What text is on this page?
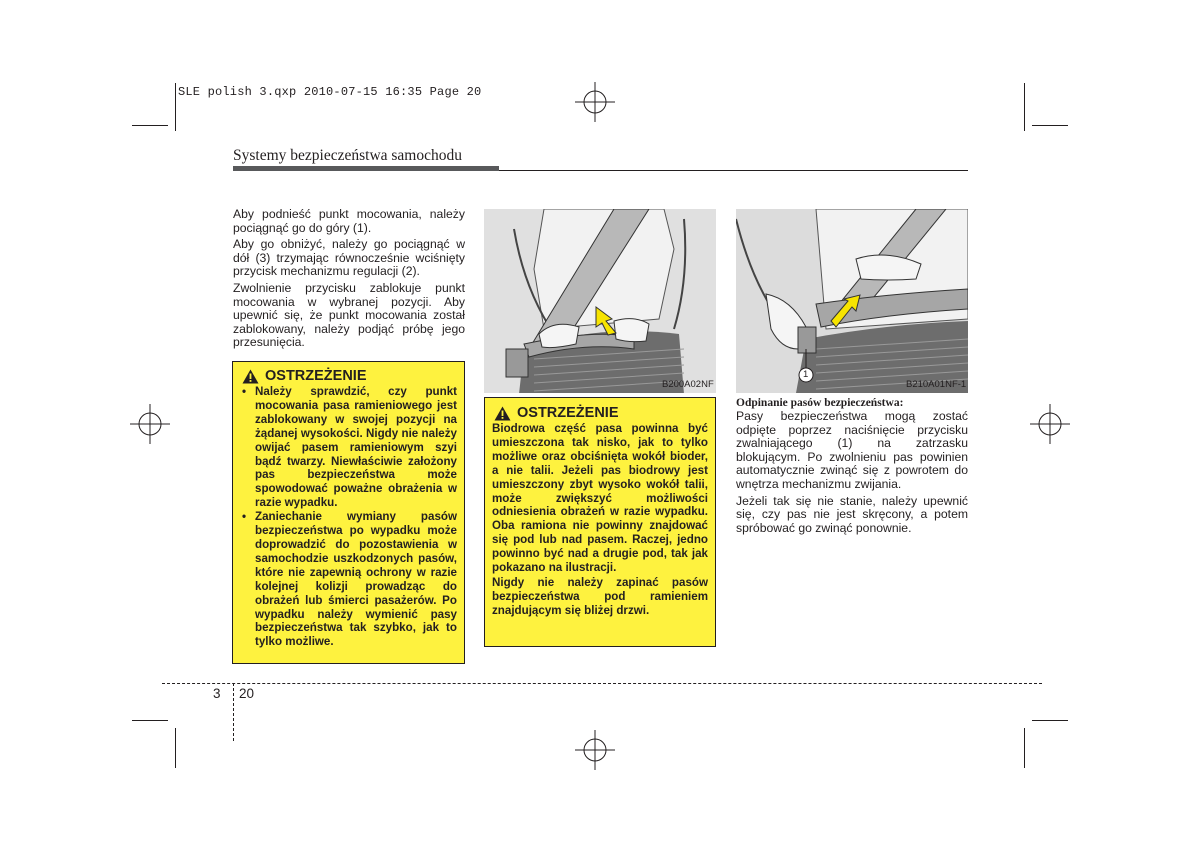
SLE polish 3.qxp 2010-07-15 16:35 Page 20
Systemy bezpieczeństwa samochodu

Aby podnieść punkt mocowania, należy pociągnąć go do góry (1).

Aby go obniżyć, należy go pociągnąć w dół (3) trzymając równocześnie wciśnięty przycisk mechanizmu regulacji (2).

Zwolnienie przycisku zablokuje punkt mocowania w wybranej pozycji. Aby upewnić się, że punkt mocowania został zablokowany, należy podjąć próbę jego przesunięcia.

OSTRZEŻENIE
• Należy sprawdzić, czy punkt mocowania pasa ramieniowego jest zablokowany w swojej pozycji na żądanej wysokości. Nigdy nie należy owijać pasem ramieniowym szyi bądź twarzy. Niewłaściwie założony pas bezpieczeństwa może spowodować poważne obrażenia w razie wypadku.
• Zaniechanie wymiany pasów bezpieczeństwa po wypadku może doprowadzić do pozostawienia w samochodzie uszkodzonych pasów, które nie zapewnią ochrony w razie kolejnej kolizji prowadząc do obrażeń lub śmierci pasażerów. Po wypadku należy wymienić pasy bezpieczeństwa tak szybko, jak to tylko możliwe.
B200A02NF
OSTRZEŻENIE

Biodrowa część pasa powinna być umieszczona tak nisko, jak to tylko możliwe oraz obciśnięta wokół bioder, a nie talii. Jeżeli pas biodrowy jest umieszczony zbyt wysoko wokół talii, może zwiększyć możliwości odniesienia obrażeń w razie wypadku. Oba ramiona nie powinny znajdować się pod lub nad pasem. Raczej, jedno powinno być nad a drugie pod, tak jak pokazano na ilustracji.

Nigdy nie należy zapinać pasów bezpieczeństwa pod ramieniem znajdującym się bliżej drzwi.

1
B210A01NF-1
Odpinanie pasów bezpieczeństwa:

Pasy bezpieczeństwa mogą zostać odpięte poprzez naciśnięcie przycisku zwalniającego (1) na zatrzasku blokującym. Po zwolnieniu pas powinien automatycznie zwinąć się z powrotem do wnętrza mechanizmu zwijania.

Jeżeli tak się nie stanie, należy upewnić się, czy pas nie jest skręcony, a potem spróbować go zwinąć ponownie.

3 20
